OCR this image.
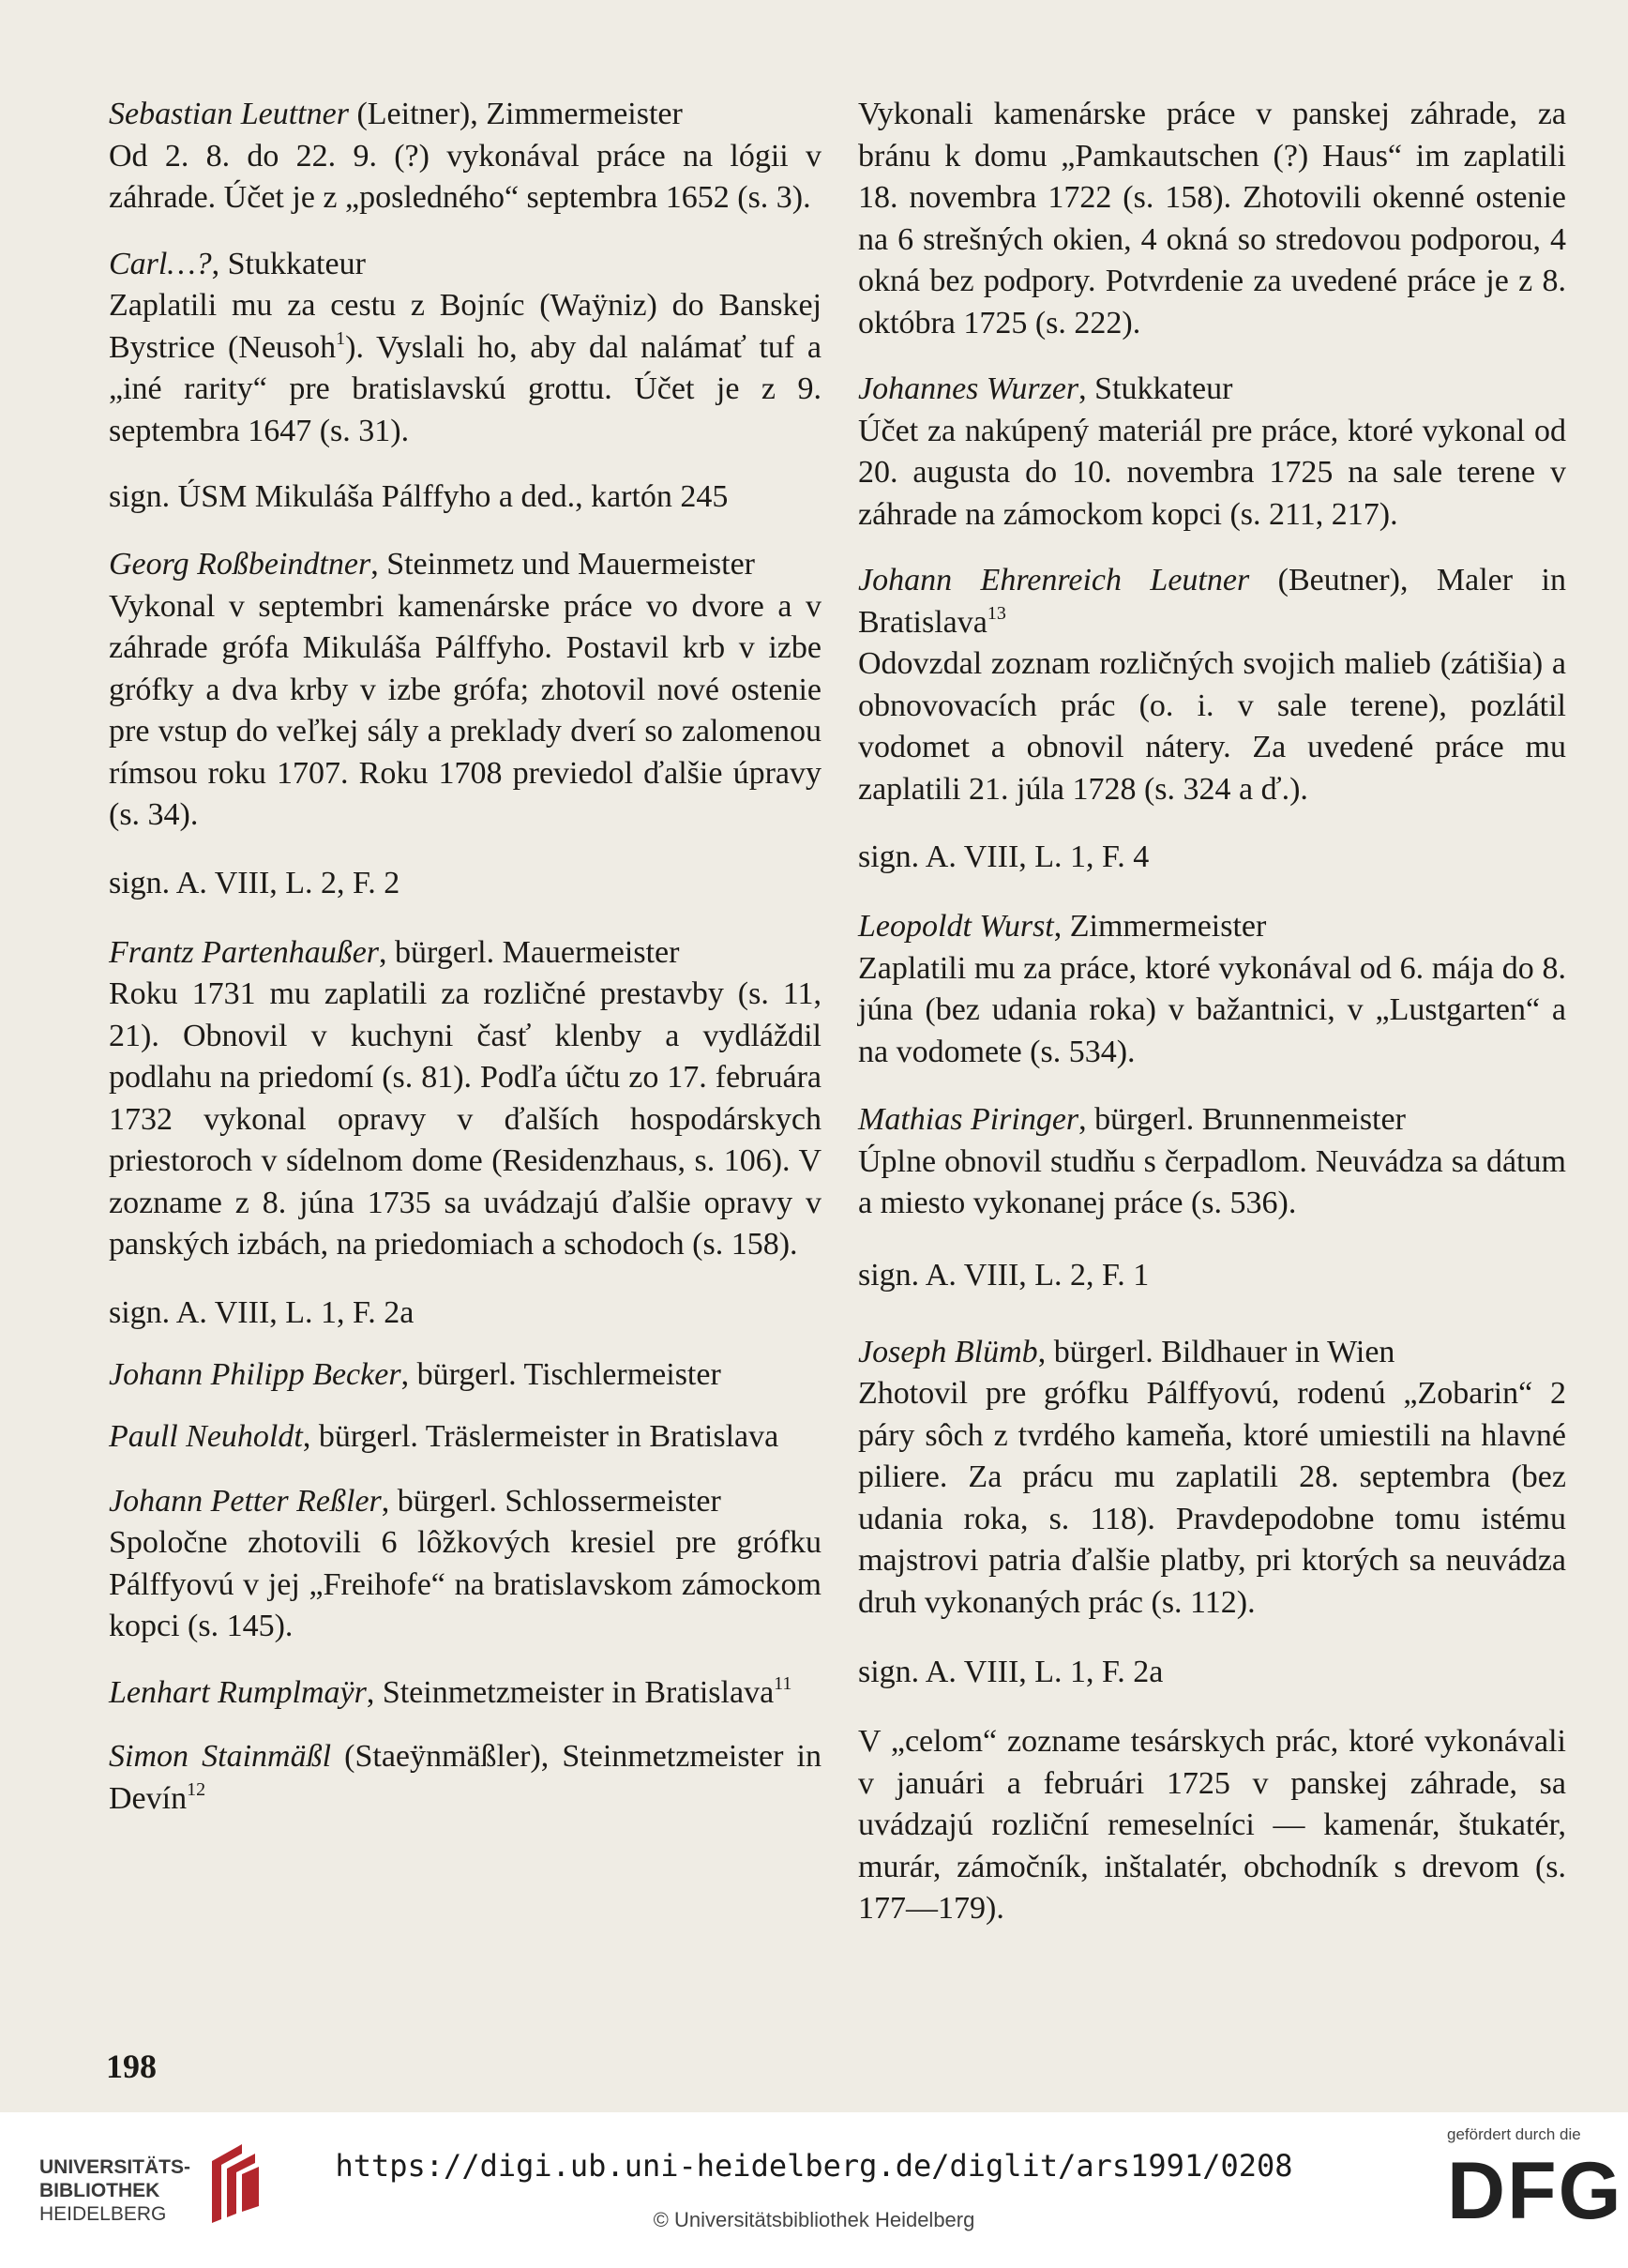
Sebastian Leuttner (Leitner), Zimmermeister
Od 2. 8. do 22. 9. (?) vykonával práce na lógii v záhrade. Účet je z „posledného“ septembra 1652 (s. 3).

Carl…?, Stukkateur
Zaplatili mu za cestu z Bojníc (Waÿniz) do Banskej Bystrice (Neusoh$^1$). Vyslali ho, aby dal nalámať tuf a „iné rarity“ pre bratislavskú grottu. Účet je z 9. septembra 1647 (s. 31).

sign. ÚSM Mikuláša Pálffyho a ded., kartón 245

Georg Roßbeindtner, Steinmetz und Mauermeister
Vykonal v septembri kamenárske práce vo dvore a v záhrade grófa Mikuláša Pálffyho. Postavil krb v izbe grófky a dva krby v izbe grófa; zhotovil nové ostenie pre vstup do veľkej sály a preklady dverí so zalomenou rímsou roku 1707. Roku 1708 previedol ďalšie úpravy (s. 34).

sign. A. VIII, L. 2, F. 2

Frantz Partenhaußer, bürgerl. Mauermeister
Roku 1731 mu zaplatili za rozličné prestavby (s. 11, 21). Obnovil v kuchyni časť klenby a vydláždil podlahu na priedomí (s. 81). Podľa účtu zo 17. februára 1732 vykonal opravy v ďalších hospodárskych priestoroch v sídelnom dome (Residenzhaus, s. 106). V zozname z 8. júna 1735 sa uvádzajú ďalšie opravy v panských izbách, na priedomiach a schodoch (s. 158).

sign. A. VIII, L. 1, F. 2a

Johann Philipp Becker, bürgerl. Tischlermeister

Paull Neuholdt, bürgerl. Träslermeister in Bratislava

Johann Petter Reßler, bürgerl. Schlossermeister
Spoločne zhotovili 6 lôžkových kresiel pre grófku Pálffyovú v jej „Freihofe“ na bratislavskom zámockom kopci (s. 145).

Lenhart Rumplmaÿr, Steinmetzmeister in Bratislava$^{11}$

Simon Stainmäßl (Staeÿnmäßler), Steinmetzmeister in Devín$^{12}$

Vykonali kamenárske práce v panskej záhrade, za bránu k domu „Pamkautschen (?) Haus“ im zaplatili 18. novembra 1722 (s. 158). Zhotovili okenné ostenie na 6 strešných okien, 4 okná so stredovou podporou, 4 okná bez podpory. Potvrdenie za uvedené práce je z 8. októbra 1725 (s. 222).

Johannes Wurzer, Stukkateur
Účet za nakúpený materiál pre práce, ktoré vykonal od 20. augusta do 10. novembra 1725 na sale terene v záhrade na zámockom kopci (s. 211, 217).

Johann Ehrenreich Leutner (Beutner), Maler in Bratislava$^{13}$
Odovzdal zoznam rozličných svojich malieb (zátišia) a obnovovacích prác (o. i. v sale terene), pozlátil vodomet a obnovil nátery. Za uvedené práce mu zaplatili 21. júla 1728 (s. 324 a ď.).

sign. A. VIII, L. 1, F. 4

Leopoldt Wurst, Zimmermeister
Zaplatili mu za práce, ktoré vykonával od 6. mája do 8. júna (bez udania roka) v bažantnici, v „Lustgarten“ a na vodomete (s. 534).

Mathias Piringer, bürgerl. Brunnenmeister
Úplne obnovil studňu s čerpadlom. Neuvádza sa dátum a miesto vykonanej práce (s. 536).

sign. A. VIII, L. 2, F. 1

Joseph Blümb, bürgerl. Bildhauer in Wien
Zhotovil pre grófku Pálffyovú, rodenú „Zobarin“ 2 páry sôch z tvrdého kameňa, ktoré umiestili na hlavné piliere. Za prácu mu zaplatili 28. septembra (bez udania roka, s. 118). Pravdepodobne tomu istému majstrovi patria ďalšie platby, pri ktorých sa neuvádza druh vykonaných prác (s. 112).

sign. A. VIII, L. 1, F. 2a

V „celom“ zozname tesárskych prác, ktoré vykonávali v januári a februári 1725 v panskej záhrade, sa uvádzajú rozliční remeselníci — kamenár, štukatér, murár, zámočník, inštalatér, obchodník s drevom (s. 177—179).

198
UNIVERSITÄTS-
BIBLIOTHEK
HEIDELBERG
https://digi.ub.uni-heidelberg.de/diglit/ars1991/0208
© Universitätsbibliothek Heidelberg
gefördert durch die
DFG
